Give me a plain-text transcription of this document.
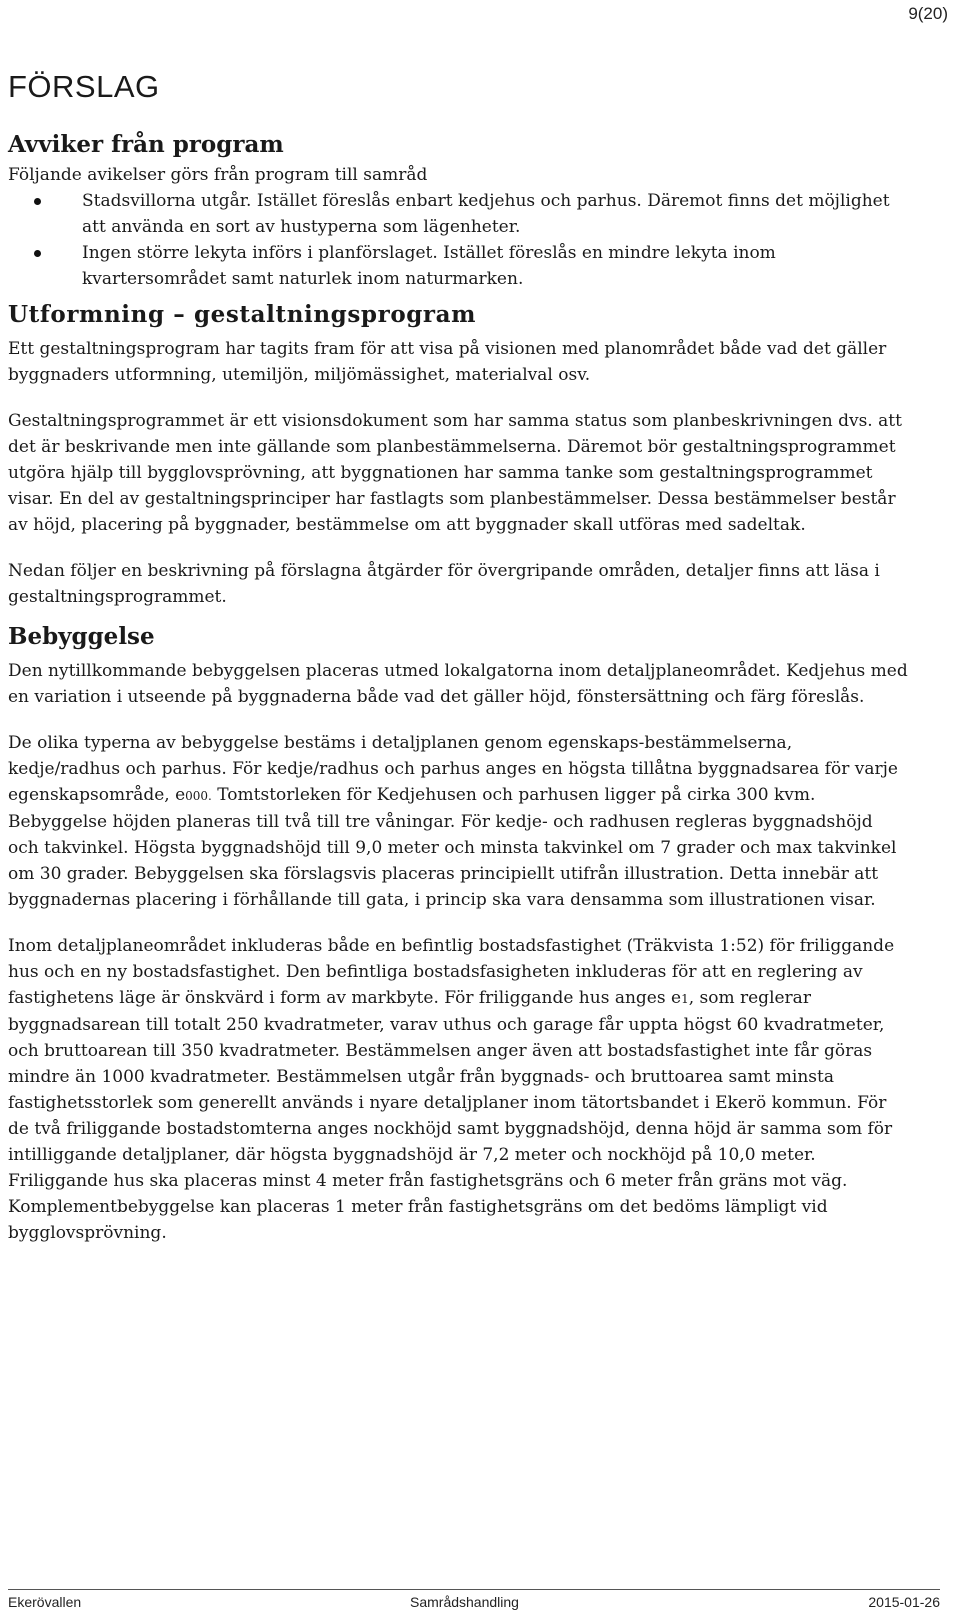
9(20)
FÖRSLAG
Avviker från program

Följande avikelser görs från program till samråd

Stadsvillorna utgår. Istället föreslås enbart kedjehus och parhus. Däremot finns det möjlighet att använda en sort av hustyperna som lägenheter.
Ingen större lekyta införs i planförslaget. Istället föreslås en mindre lekyta inom kvartersområdet samt naturlek inom naturmarken.
Utformning – gestaltningsprogram

Ett gestaltningsprogram har tagits fram för att visa på visionen med planområdet både vad det gäller byggnaders utformning, utemiljön, miljömässighet, materialval osv.

Gestaltningsprogrammet är ett visionsdokument som har samma status som planbeskrivningen dvs. att det är beskrivande men inte gällande som planbestämmelserna. Däremot bör gestaltningsprogrammet utgöra hjälp till bygglovsprövning, att byggnationen har samma tanke som gestaltningsprogrammet visar. En del av gestaltningsprinciper har fastlagts som planbestämmelser. Dessa bestämmelser består av höjd, placering på byggnader, bestämmelse om att byggnader skall utföras med sadeltak.

Nedan följer en beskrivning på förslagna åtgärder för övergripande områden, detaljer finns att läsa i gestaltningsprogrammet.

Bebyggelse

Den nytillkommande bebyggelsen placeras utmed lokalgatorna inom detaljplaneområdet. Kedjehus med en variation i utseende på byggnaderna både vad det gäller höjd, fönstersättning och färg föreslås.

De olika typerna av bebyggelse bestäms i detaljplanen genom egenskaps-bestämmelserna, kedje/radhus och parhus. För kedje/radhus och parhus anges en högsta tillåtna byggnadsarea för varje egenskapsområde, e000. Tomtstorleken för Kedjehusen och parhusen ligger på cirka 300 kvm. Bebyggelse höjden planeras till två till tre våningar. För kedje- och radhusen regleras byggnadshöjd och takvinkel. Högsta byggnadshöjd till 9,0 meter och minsta takvinkel om 7 grader och max takvinkel om 30 grader. Bebyggelsen ska förslagsvis placeras principiellt utifrån illustration. Detta innebär att byggnadernas placering i förhållande till gata, i princip ska vara densamma som illustrationen visar.

Inom detaljplaneområdet inkluderas både en befintlig bostadsfastighet (Träkvista 1:52) för friliggande hus och en ny bostadsfastighet. Den befintliga bostadsfasigheten inkluderas för att en reglering av fastighetens läge är önskvärd i form av markbyte. För friliggande hus anges e1, som reglerar byggnadsarean till totalt 250 kvadratmeter, varav uthus och garage får uppta högst 60 kvadratmeter, och bruttoarean till 350 kvadratmeter. Bestämmelsen anger även att bostadsfastighet inte får göras mindre än 1000 kvadratmeter. Bestämmelsen utgår från byggnads- och bruttoarea samt minsta fastighetsstorlek som generellt används i nyare detaljplaner inom tätortsbandet i Ekerö kommun. För de två friliggande bostadstomterna anges nockhöjd samt byggnadshöjd, denna höjd är samma som för intilliggande detaljplaner, där högsta byggnadshöjd är 7,2 meter och nockhöjd på 10,0 meter. Friliggande hus ska placeras minst 4 meter från fastighetsgräns och 6 meter från gräns mot väg. Komplementbebyggelse kan placeras 1 meter från fastighetsgräns om det bedöms lämpligt vid bygglovsprövning.

Ekerövallen	Samrådshandling	2015-01-26
